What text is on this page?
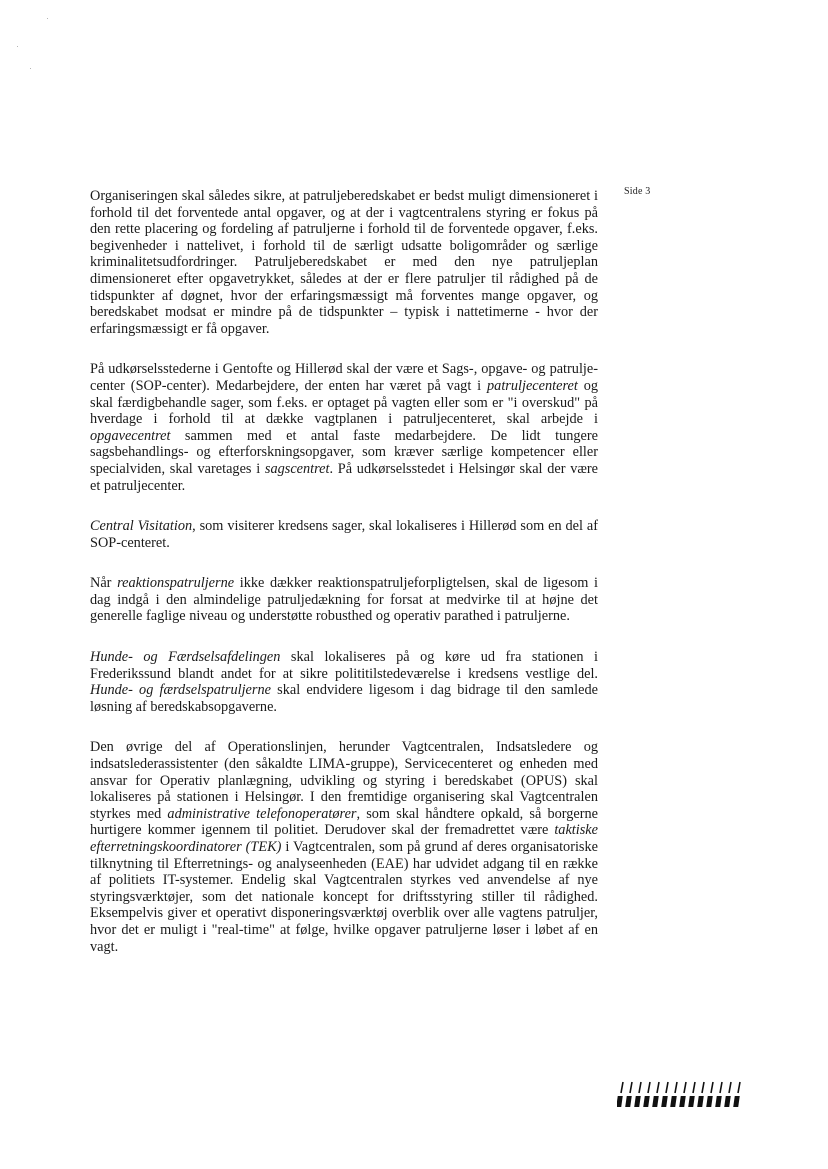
Side 3

Organiseringen skal således sikre, at patruljeberedskabet er bedst muligt dimensioneret i forhold til det forventede antal opgaver, og at der i vagtcentralens styring er fokus på den rette placering og fordeling af patruljerne i forhold til de forventede opgaver, f.eks. begivenheder i nattelivet, i forhold til de særligt udsatte boligområder og særlige kriminalitetsudfordringer. Patruljeberedskabet er med den nye patruljeplan dimensioneret efter opgavetrykket, således at der er flere patruljer til rådighed på de tidspunkter af døgnet, hvor der erfaringsmæssigt må forventes mange opgaver, og beredskabet modsat er mindre på de tidspunkter – typisk i nattetimerne - hvor der erfaringsmæssigt er få opgaver.

På udkørselsstederne i Gentofte og Hillerød skal der være et Sags-, opgave- og patrulje-center (SOP-center). Medarbejdere, der enten har været på vagt i patruljecenteret og skal færdigbehandle sager, som f.eks. er optaget på vagten eller som er "i overskud" på hverdage i forhold til at dække vagtplanen i patruljecenteret, skal arbejde i opgavecentret sammen med et antal faste medarbejdere. De lidt tungere sagsbehandlings- og efterforskningsopgaver, som kræver særlige kompetencer eller specialviden, skal varetages i sagscentret. På udkørselsstedet i Helsingør skal der være et patruljecenter.

Central Visitation, som visiterer kredsens sager, skal lokaliseres i Hillerød som en del af SOP-centeret.

Når reaktionspatruljerne ikke dækker reaktionspatruljeforpligtelsen, skal de ligesom i dag indgå i den almindelige patruljedækning for forsat at medvirke til at højne det generelle faglige niveau og understøtte robusthed og operativ parathed i patruljerne.

Hunde- og Færdselsafdelingen skal lokaliseres på og køre ud fra stationen i Frederikssund blandt andet for at sikre polititilstedeværelse i kredsens vestlige del. Hunde- og færdselspatruljerne skal endvidere ligesom i dag bidrage til den samlede løsning af beredskabsopgaverne.

Den øvrige del af Operationslinjen, herunder Vagtcentralen, Indsatsledere og indsatslederassistenter (den såkaldte LIMA-gruppe), Servicecenteret og enheden med ansvar for Operativ planlægning, udvikling og styring i beredskabet (OPUS) skal lokaliseres på stationen i Helsingør. I den fremtidige organisering skal Vagtcentralen styrkes med administrative telefonoperatører, som skal håndtere opkald, så borgerne hurtigere kommer igennem til politiet. Derudover skal der fremadrettet være taktiske efterretningskoordinatorer (TEK) i Vagtcentralen, som på grund af deres organisatoriske tilknytning til Efterretnings- og analyseenheden (EAE) har udvidet adgang til en række af politiets IT-systemer. Endelig skal Vagtcentralen styrkes ved anvendelse af nye styringsværktøjer, som det nationale koncept for driftsstyring stiller til rådighed. Eksempelvis giver et operativt disponeringsværktøj overblik over alle vagtens patruljer, hvor det er muligt i "real-time" at følge, hvilke opgaver patruljerne løser i løbet af en vagt.
